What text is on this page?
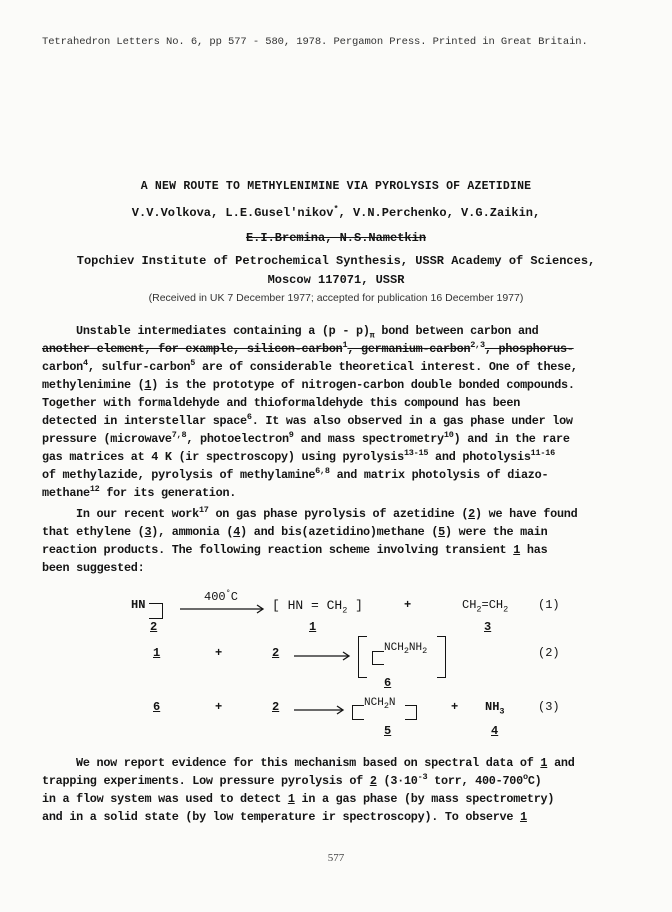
Tetrahedron Letters No. 6, pp 577 - 580, 1978. Pergamon Press. Printed in Great Britain.
A NEW ROUTE TO METHYLENIMINE VIA PYROLYSIS OF AZETIDINE
V.V.Volkova, L.E.Gusel'nikov*, V.N.Perchenko, V.G.Zaikin,
E.I.Bremina, N.S.Nametkin
Topchiev Institute of Petrochemical Synthesis, USSR Academy of Sciences,
Moscow 117071, USSR
(Received in UK 7 December 1977; accepted for publication 16 December 1977)
Unstable intermediates containing a $(p - p)_\pi$ bond between carbon and
another element, for example, silicon-carbon$^1$, germanium-carbon$^{2,3}$, phosphorus-
carbon$^4$, sulfur-carbon$^5$ are of considerable theoretical interest. One of these,
methylenimine (1) is the prototype of nitrogen-carbon double bonded compounds.
Together with formaldehyde and thioformaldehyde this compound has been
detected in interstellar space$^6$. It was also observed in a gas phase under low
pressure (microwave$^{7,8}$, photoelectron$^9$ and mass spectrometry$^{10}$) and in the rare
gas matrices at 4 K (ir spectroscopy) using pyrolysis$^{13-15}$ and photolysis$^{11-16}$
of methylazide, pyrolysis of methylamine$^{6,8}$ and matrix photolysis of diazo-
methane$^{12}$ for its generation.
In our recent work$^{17}$ on gas phase pyrolysis of azetidine (2) we have found
that ethylene (3), ammonia (4) and bis(azetidino)methane (5) were the main
reaction products. The following reaction scheme involving transient 1 has
been suggested:
HN
2
400°C
[ HN = $CH_2$ ]
1
+	$CH_2=CH_2$
3
(1)
1	+	2	$NCH_2NH_2$
6
(2)
6	+	2	$NCH_2N$
5
+ $NH_3$
4
(3)
We now report evidence for this mechanism based on spectral data of 1 and
trapping experiments. Low pressure pyrolysis of 2 ($3\cdot 10^{-3}$ torr, 400-700$^o$C)
in a flow system was used to detect 1 in a gas phase (by mass spectrometry)
and in a solid state (by low temperature ir spectroscopy). To observe 1
577
